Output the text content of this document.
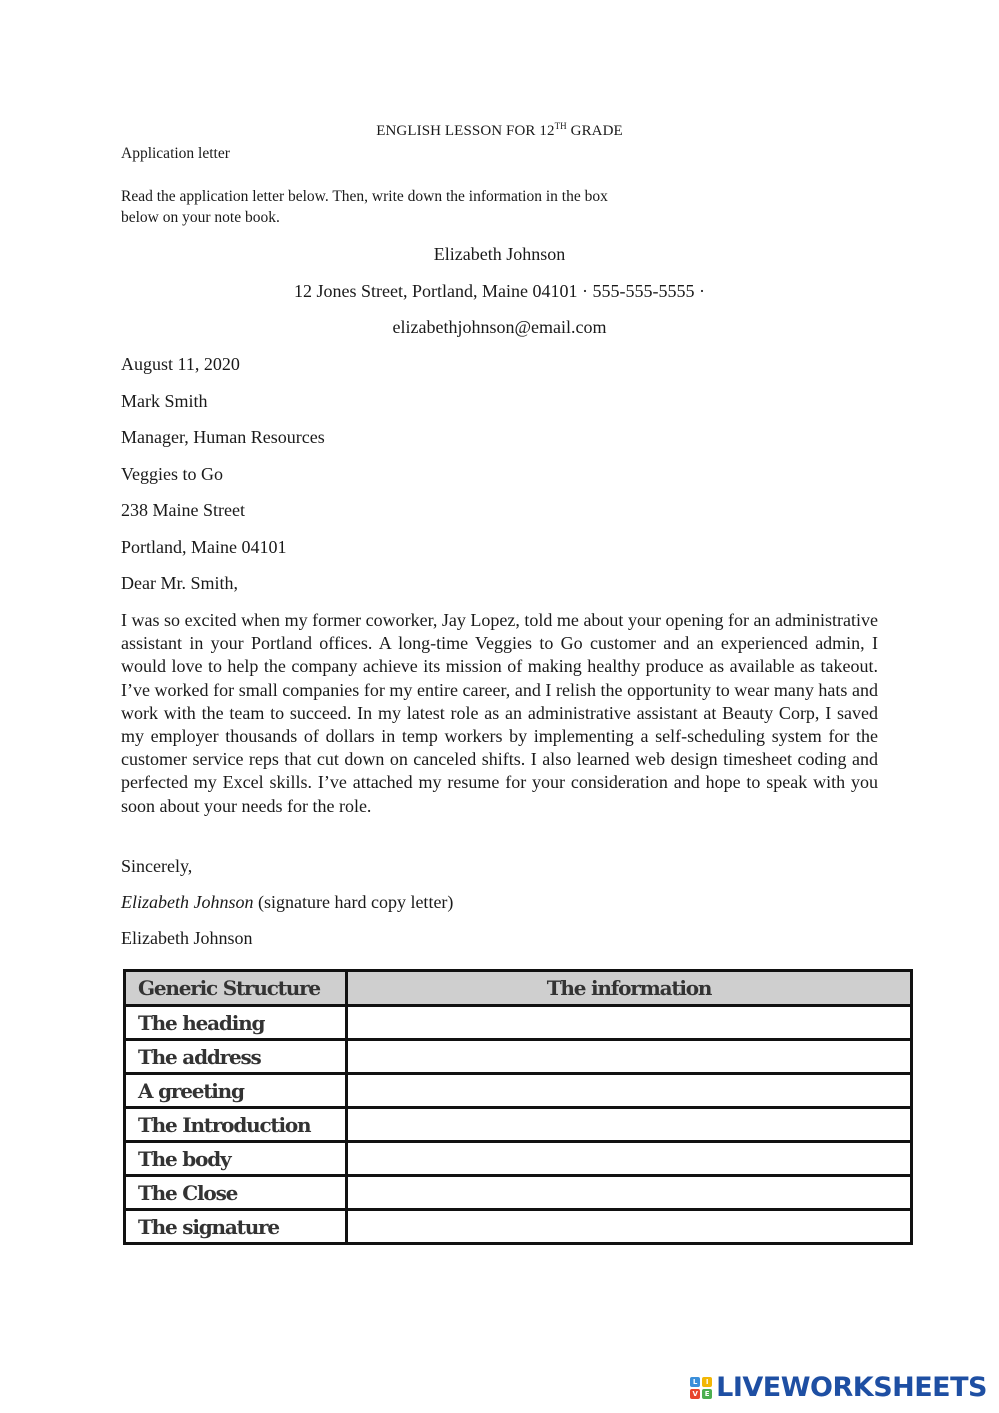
ENGLISH LESSON FOR 12TH GRADE
Application letter
Read the application letter below. Then, write down the information in the box
below on your note book.
Elizabeth Johnson
12 Jones Street, Portland, Maine 04101 · 555-555-5555 ·
elizabethjohnson@email.com
August 11, 2020
Mark Smith
Manager, Human Resources
Veggies to Go
238 Maine Street
Portland, Maine 04101
Dear Mr. Smith,

I was so excited when my former coworker, Jay Lopez, told me about your opening for an administrative assistant in your Portland offices. A long-time Veggies to Go customer and an experienced admin, I would love to help the company achieve its mission of making healthy produce as available as takeout. I’ve worked for small companies for my entire career, and I relish the opportunity to wear many hats and work with the team to succeed. In my latest role as an administrative assistant at Beauty Corp, I saved my employer thousands of dollars in temp workers by implementing a self-scheduling system for the customer service reps that cut down on canceled shifts. I also learned web design timesheet coding and perfected my Excel skills. I’ve attached my resume for your consideration and hope to speak with you soon about your needs for the role.

Sincerely,
Elizabeth Johnson (signature hard copy letter)
Elizabeth Johnson
Generic Structure	The information
The heading	
The address	
A greeting	
The Introduction	
The body	
The Close	
The signature	
L	I
V E LIVEWORKSHEETS
